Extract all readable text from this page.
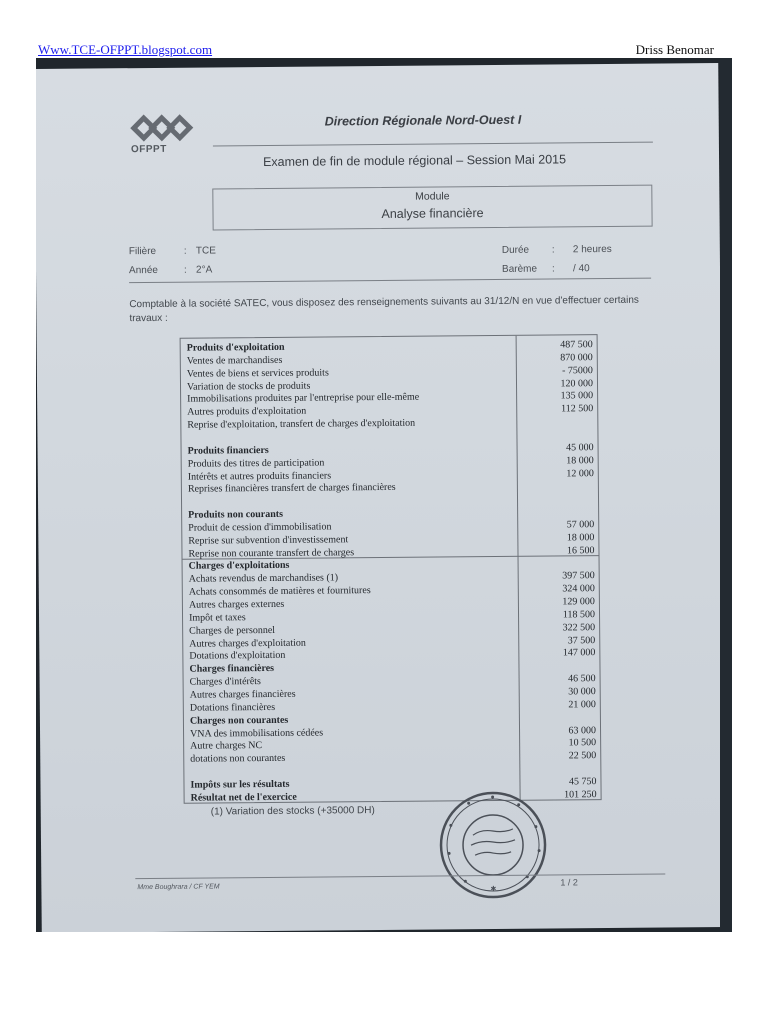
Www.TCE-OFPPT.blogspot.com	Driss Benomar
OFPPT
Direction Régionale Nord-Ouest I
Examen de fin de module régional – Session Mai 2015
Module
Analyse financière
Filière	: TCE
Année	: 2°A
Durée : 2 heures
Barème : / 40
Comptable à la société SATEC, vous disposez des renseignements suivants au 31/12/N en vue d'effectuer certains travaux :
Produits d'exploitation	487 500
Ventes de marchandises	870 000
Ventes de biens et services produits	- 75000
Variation de stocks de produits	120 000
Immobilisations produites par l'entreprise pour elle-même	135 000
Autres produits d'exploitation	112 500
Reprise d'exploitation, transfert de charges d'exploitation
Produits financiers	45 000
Produits des titres de participation	18 000
Intérêts et autres produits financiers	12 000
Reprises financières transfert de charges financières
Produits non courants
Produit de cession d'immobilisation	57 000
Reprise sur subvention d'investissement	18 000
Reprise non courante transfert de charges	16 500
Charges d'exploitations
Achats revendus de marchandises (1)	397 500
Achats consommés de matières et fournitures	324 000
Autres charges externes	129 000
Impôt et taxes	118 500
Charges de personnel	322 500
Autres charges d'exploitation	37 500
Dotations d'exploitation	147 000
Charges financières
Charges d'intérêts	46 500
Autres charges financières	30 000
Dotations financières	21 000
Charges non courantes
VNA des immobilisations cédées	63 000
Autre charges NC	10 500
dotations non courantes	22 500
Impôts sur les résultats	45 750
Résultat net de l'exercice	101 250
(1) Variation des stocks (+35000 DH)
✱
Mme Boughrara / CF YEM	1 / 2
